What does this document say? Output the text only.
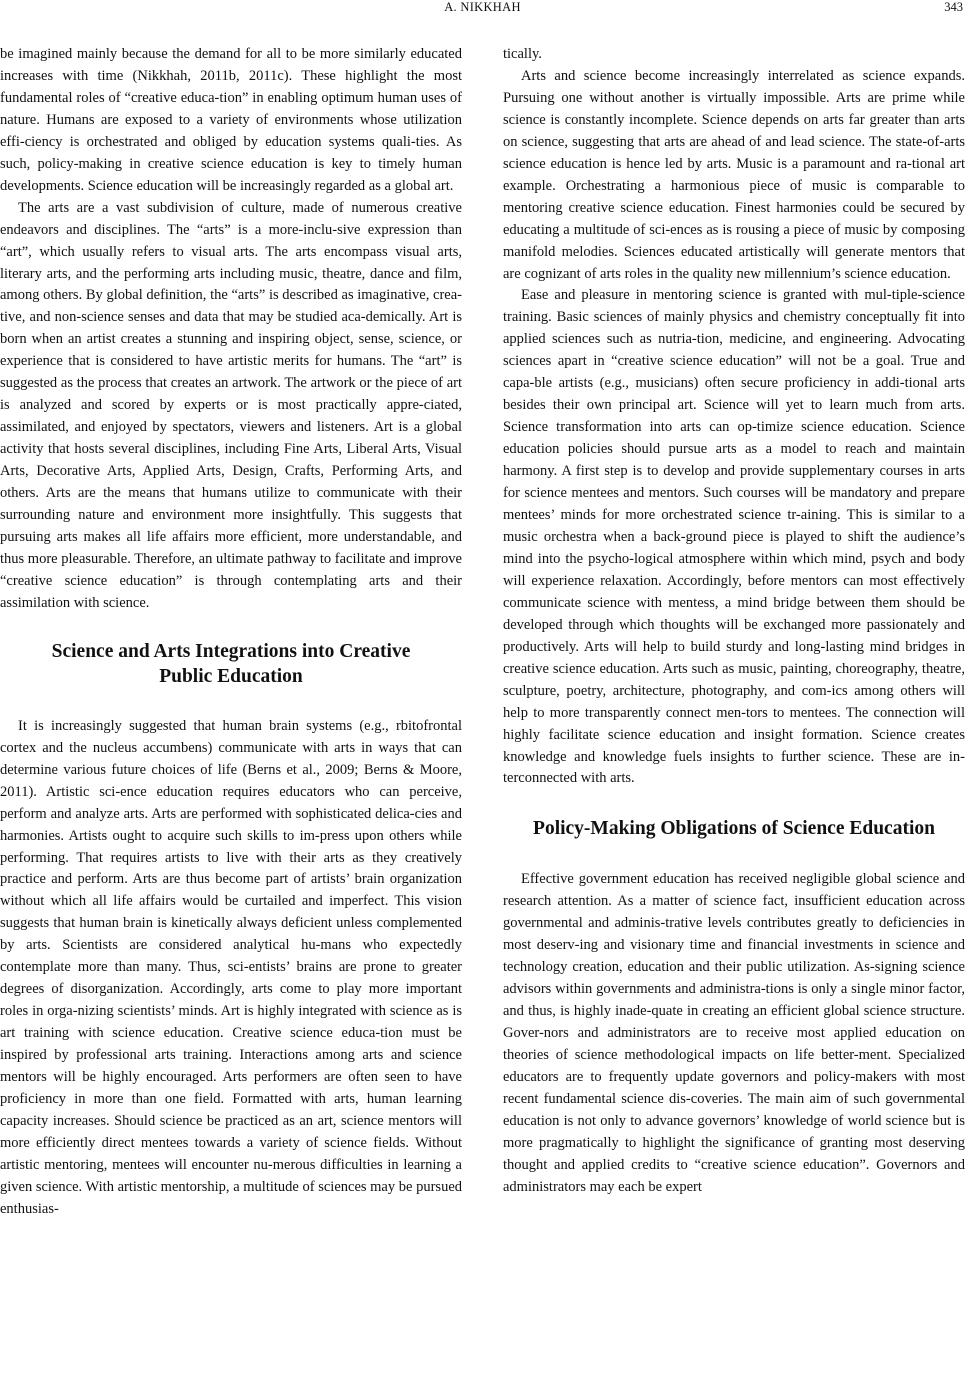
A. NIKKHAH	343

be imagined mainly because the demand for all to be more similarly educated increases with time (Nikkhah, 2011b, 2011c). These highlight the most fundamental roles of “creative educa-tion” in enabling optimum human uses of nature. Humans are exposed to a variety of environments whose utilization effi-ciency is orchestrated and obliged by education systems quali-ties. As such, policy-making in creative science education is key to timely human developments. Science education will be increasingly regarded as a global art.

The arts are a vast subdivision of culture, made of numerous creative endeavors and disciplines. The “arts” is a more-inclu-sive expression than “art”, which usually refers to visual arts. The arts encompass visual arts, literary arts, and the performing arts including music, theatre, dance and film, among others. By global definition, the “arts” is described as imaginative, crea-tive, and non-science senses and data that may be studied aca-demically. Art is born when an artist creates a stunning and inspiring object, sense, science, or experience that is considered to have artistic merits for humans. The “art” is suggested as the process that creates an artwork. The artwork or the piece of art is analyzed and scored by experts or is most practically appre-ciated, assimilated, and enjoyed by spectators, viewers and listeners. Art is a global activity that hosts several disciplines, including Fine Arts, Liberal Arts, Visual Arts, Decorative Arts, Applied Arts, Design, Crafts, Performing Arts, and others. Arts are the means that humans utilize to communicate with their surrounding nature and environment more insightfully. This suggests that pursuing arts makes all life affairs more efficient, more understandable, and thus more pleasurable. Therefore, an ultimate pathway to facilitate and improve “creative science education” is through contemplating arts and their assimilation with science.

Science and Arts Integrations into Creative
Public Education

It is increasingly suggested that human brain systems (e.g., rbitofrontal cortex and the nucleus accumbens) communicate with arts in ways that can determine various future choices of life (Berns et al., 2009; Berns & Moore, 2011). Artistic sci-ence education requires educators who can perceive, perform and analyze arts. Arts are performed with sophisticated delica-cies and harmonies. Artists ought to acquire such skills to im-press upon others while performing. That requires artists to live with their arts as they creatively practice and perform. Arts are thus become part of artists’ brain organization without which all life affairs would be curtailed and imperfect. This vision suggests that human brain is kinetically always deficient unless complemented by arts. Scientists are considered analytical hu-mans who expectedly contemplate more than many. Thus, sci-entists’ brains are prone to greater degrees of disorganization. Accordingly, arts come to play more important roles in orga-nizing scientists’ minds. Art is highly integrated with science as is art training with science education. Creative science educa-tion must be inspired by professional arts training. Interactions among arts and science mentors will be highly encouraged. Arts performers are often seen to have proficiency in more than one field. Formatted with arts, human learning capacity increases. Should science be practiced as an art, science mentors will more efficiently direct mentees towards a variety of science fields. Without artistic mentoring, mentees will encounter nu-merous difficulties in learning a given science. With artistic mentorship, a multitude of sciences may be pursued enthusias-

tically.

Arts and science become increasingly interrelated as science expands. Pursuing one without another is virtually impossible. Arts are prime while science is constantly incomplete. Science depends on arts far greater than arts on science, suggesting that arts are ahead of and lead science. The state-of-arts science education is hence led by arts. Music is a paramount and ra-tional art example. Orchestrating a harmonious piece of music is comparable to mentoring creative science education. Finest harmonies could be secured by educating a multitude of sci-ences as is rousing a piece of music by composing manifold melodies. Sciences educated artistically will generate mentors that are cognizant of arts roles in the quality new millennium’s science education.

Ease and pleasure in mentoring science is granted with mul-tiple-science training. Basic sciences of mainly physics and chemistry conceptually fit into applied sciences such as nutria-tion, medicine, and engineering. Advocating sciences apart in “creative science education” will not be a goal. True and capa-ble artists (e.g., musicians) often secure proficiency in addi-tional arts besides their own principal art. Science will yet to learn much from arts. Science transformation into arts can op-timize science education. Science education policies should pursue arts as a model to reach and maintain harmony. A first step is to develop and provide supplementary courses in arts for science mentees and mentors. Such courses will be mandatory and prepare mentees’ minds for more orchestrated science tr-aining. This is similar to a music orchestra when a back-ground piece is played to shift the audience’s mind into the psycho-logical atmosphere within which mind, psych and body will experience relaxation. Accordingly, before mentors can most effectively communicate science with mentess, a mind bridge between them should be developed through which thoughts will be exchanged more passionately and productively. Arts will help to build sturdy and long-lasting mind bridges in creative science education. Arts such as music, painting, choreography, theatre, sculpture, poetry, architecture, photography, and com-ics among others will help to more transparently connect men-tors to mentees. The connection will highly facilitate science education and insight formation. Science creates knowledge and knowledge fuels insights to further science. These are in-terconnected with arts.

Policy-Making Obligations of Science Education

Effective government education has received negligible global science and research attention. As a matter of science fact, insufficient education across governmental and adminis-trative levels contributes greatly to deficiencies in most deserv-ing and visionary time and financial investments in science and technology creation, education and their public utilization. As-signing science advisors within governments and administra-tions is only a single minor factor, and thus, is highly inade-quate in creating an efficient global science structure. Gover-nors and administrators are to receive most applied education on theories of science methodological impacts on life better-ment. Specialized educators are to frequently update governors and policy-makers with most recent fundamental science dis-coveries. The main aim of such governmental education is not only to advance governors’ knowledge of world science but is more pragmatically to highlight the significance of granting most deserving thought and applied credits to “creative science education”. Governors and administrators may each be expert
